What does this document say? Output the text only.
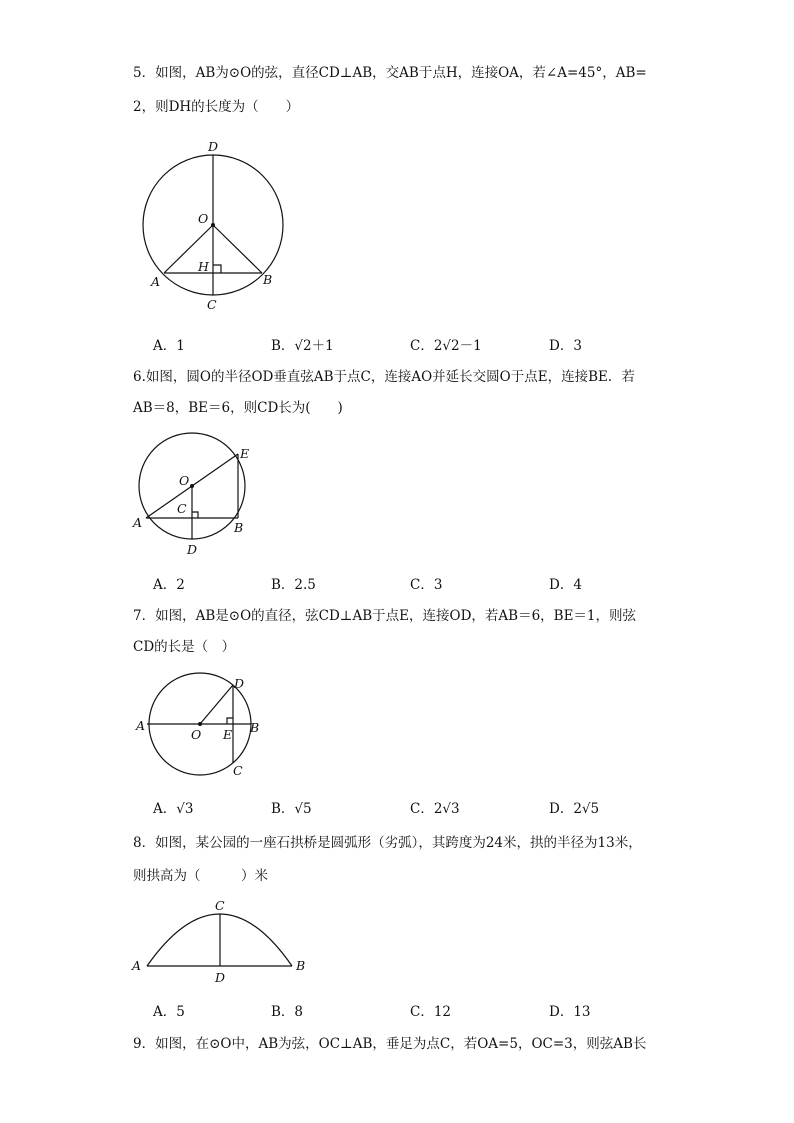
5．如图，AB为⊙O的弦，直径CD⊥AB，交AB于点H，连接OA，若∠A=45°，AB=
2，则DH的长度为（　　）
D
O
H
A	B
C
A．1	B．√2＋1	C．2√2－1	D．3
6.如图，圆O的半径OD垂直弦AB于点C，连接AO并延长交圆O于点E，连接BE．若
AB＝8，BE＝6，则CD长为(　　)
E
O
C
A	B
D
A．2	B．2.5	C．3	D．4
7．如图，AB是⊙O的直径，弦CD⊥AB于点E，连接OD，若AB＝6，BE＝1，则弦
CD的长是（　）
D
A
O E B
C
A．√3	B．√5	C．2√3	D．2√5
8．如图，某公园的一座石拱桥是圆弧形（劣弧），其跨度为24米，拱的半径为13米，
则拱高为（　　　）米
C
A
D
B
A．5	B．8	C．12	D．13
9．如图，在⊙O中，AB为弦，OC⊥AB，垂足为点C，若OA=5，OC=3，则弦AB长
